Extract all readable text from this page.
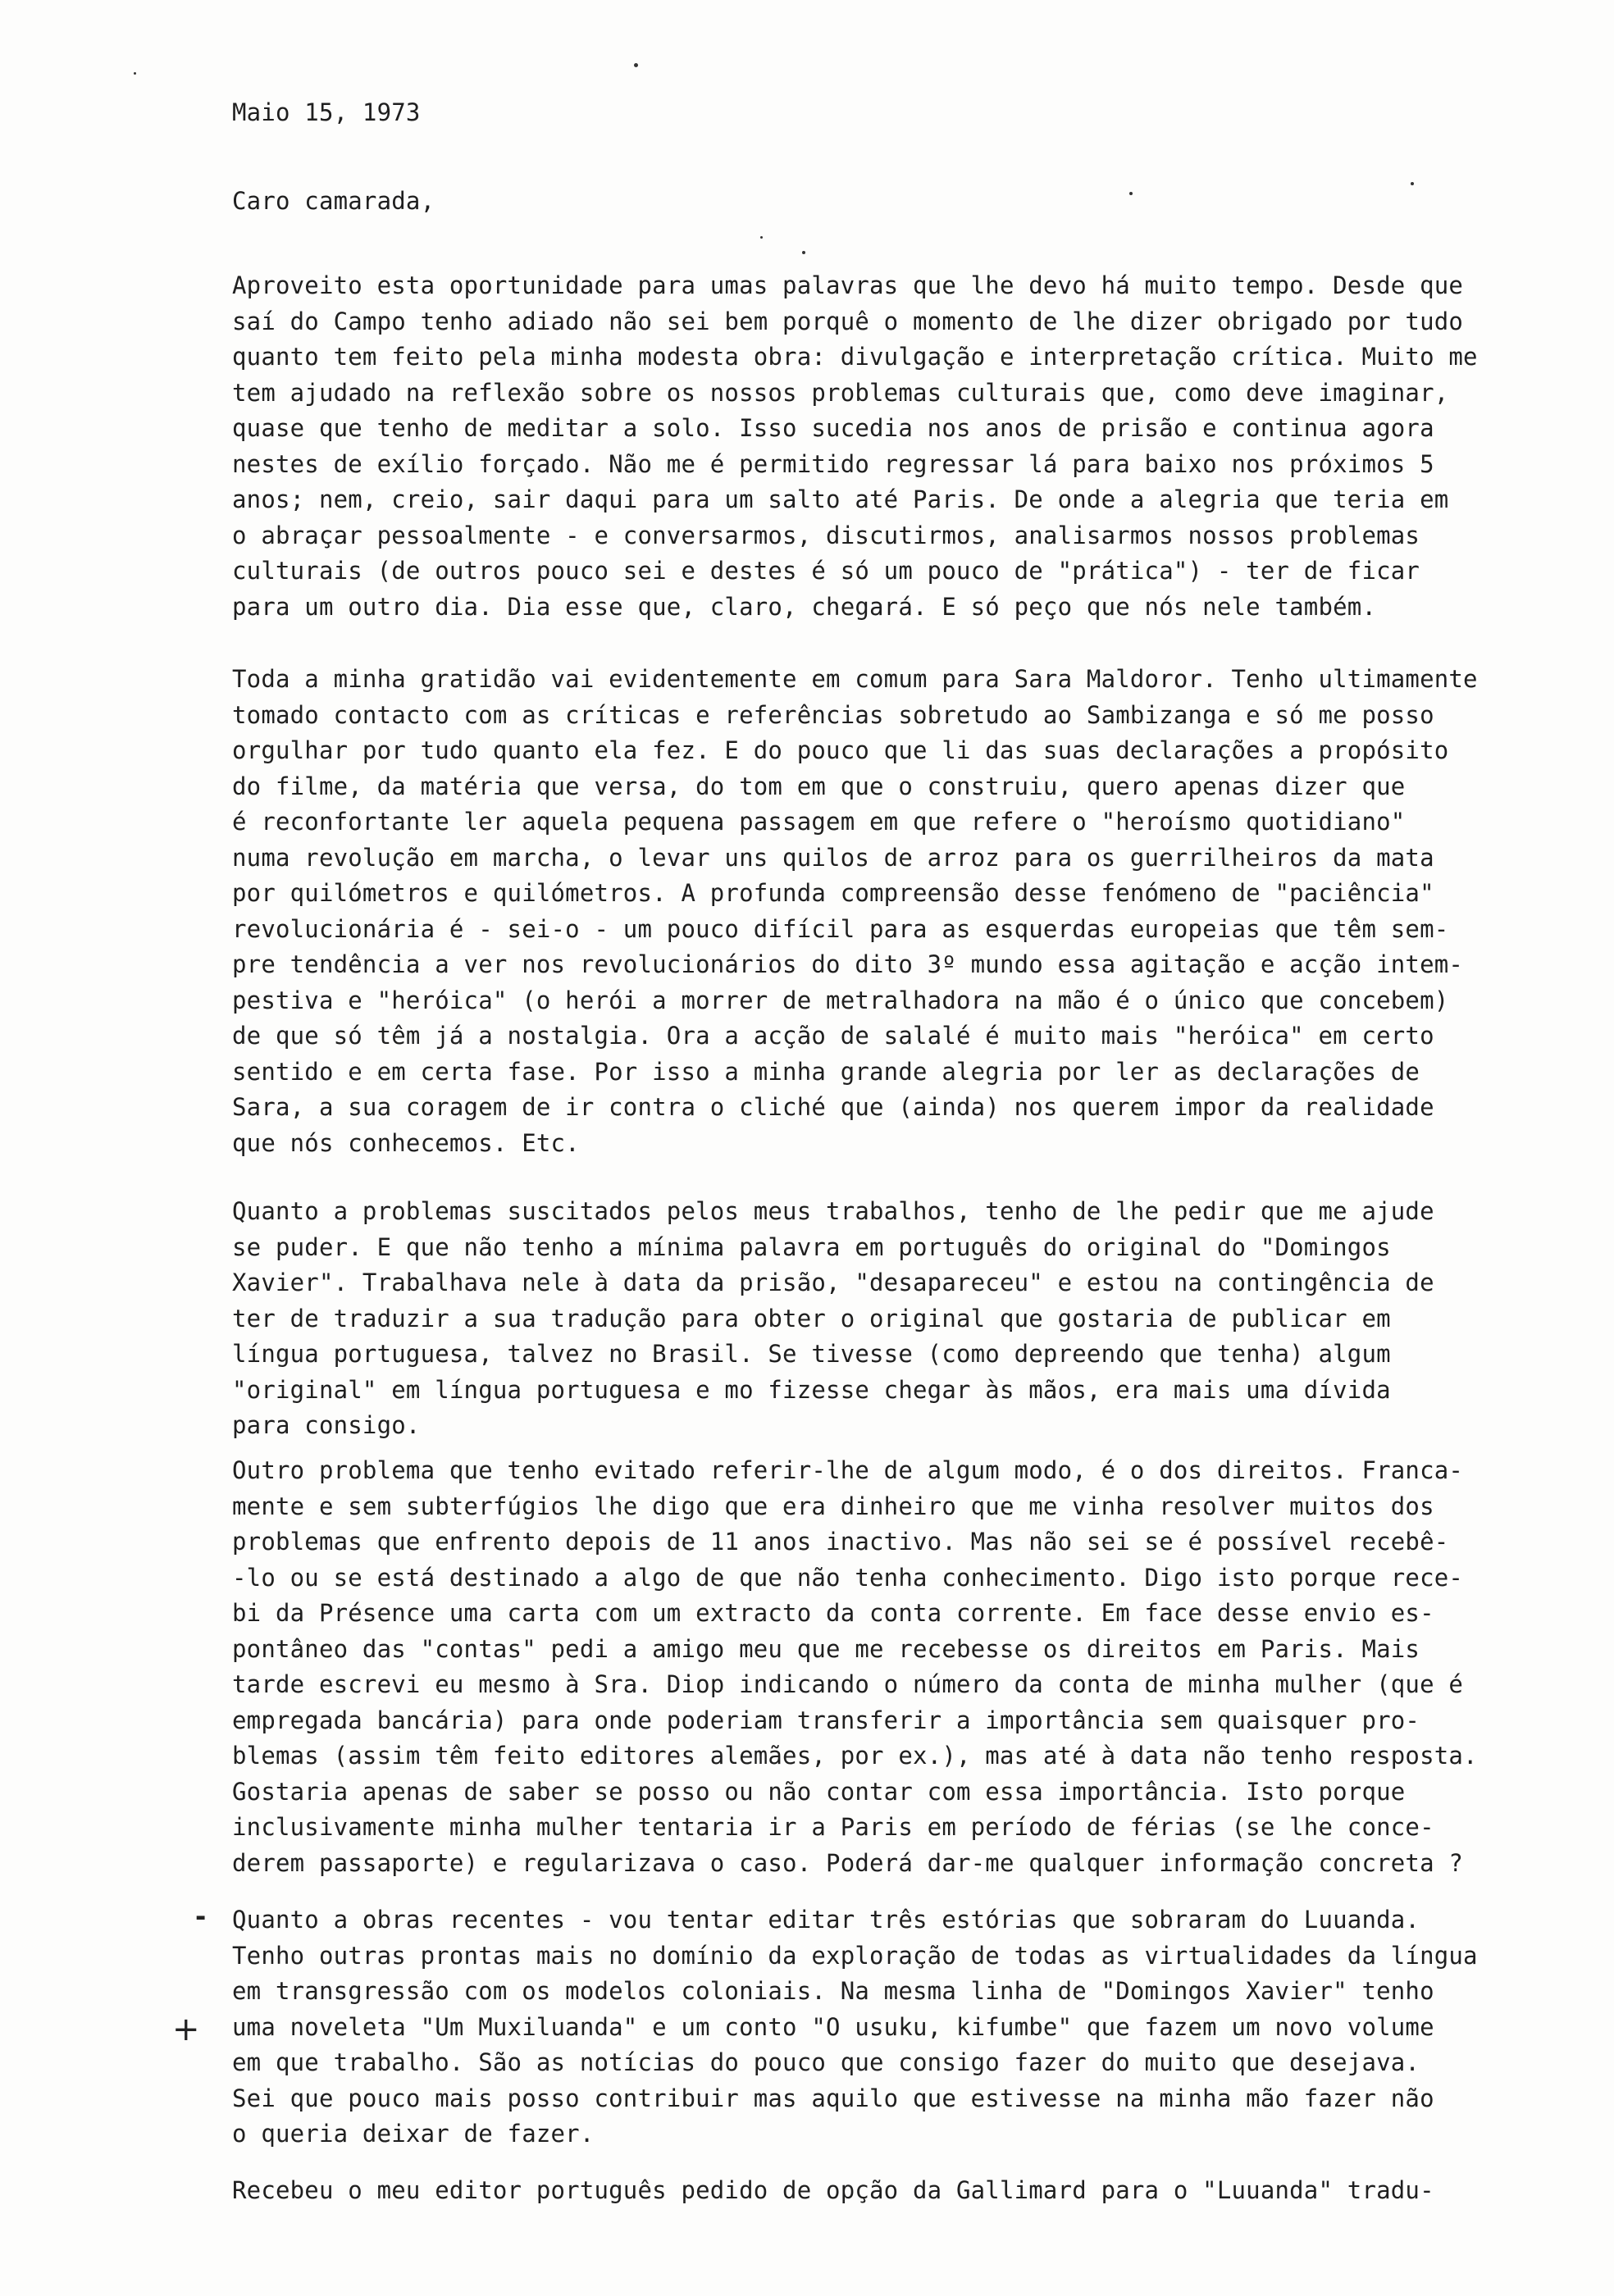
Maio 15, 1973
Caro camarada,
Aproveito esta oportunidade para umas palavras que lhe devo há muito tempo. Desde que
saí do Campo tenho adiado não sei bem porquê o momento de lhe dizer obrigado por tudo
quanto tem feito pela minha modesta obra: divulgação e interpretação crítica. Muito me
tem ajudado na reflexão sobre os nossos problemas culturais que, como deve imaginar,
quase que tenho de meditar a solo. Isso sucedia nos anos de prisão e continua agora
nestes de exílio forçado. Não me é permitido regressar lá para baixo nos próximos 5
anos; nem, creio, sair daqui para um salto até Paris. De onde a alegria que teria em
o abraçar pessoalmente - e conversarmos, discutirmos, analisarmos nossos problemas
culturais (de outros pouco sei e destes é só um pouco de "prática") - ter de ficar
para um outro dia. Dia esse que, claro, chegará. E só peço que nós nele também.
Toda a minha gratidão vai evidentemente em comum para Sara Maldoror. Tenho ultimamente
tomado contacto com as críticas e referências sobretudo ao Sambizanga e só me posso
orgulhar por tudo quanto ela fez. E do pouco que li das suas declarações a propósito
do filme, da matéria que versa, do tom em que o construiu, quero apenas dizer que
é reconfortante ler aquela pequena passagem em que refere o "heroísmo quotidiano"
numa revolução em marcha, o levar uns quilos de arroz para os guerrilheiros da mata
por quilómetros e quilómetros. A profunda compreensão desse fenómeno de "paciência"
revolucionária é - sei-o - um pouco difícil para as esquerdas europeias que têm sem-
pre tendência a ver nos revolucionários do dito 3º mundo essa agitação e acção intem-
pestiva e "heróica" (o herói a morrer de metralhadora na mão é o único que concebem)
de que só têm já a nostalgia. Ora a acção de salalé é muito mais "heróica" em certo
sentido e em certa fase. Por isso a minha grande alegria por ler as declarações de
Sara, a sua coragem de ir contra o cliché que (ainda) nos querem impor da realidade
que nós conhecemos. Etc.
Quanto a problemas suscitados pelos meus trabalhos, tenho de lhe pedir que me ajude
se puder. E que não tenho a mínima palavra em português do original do "Domingos
Xavier". Trabalhava nele à data da prisão, "desapareceu" e estou na contingência de
ter de traduzir a sua tradução para obter o original que gostaria de publicar em
língua portuguesa, talvez no Brasil. Se tivesse (como depreendo que tenha) algum
"original" em língua portuguesa e mo fizesse chegar às mãos, era mais uma dívida
para consigo.
Outro problema que tenho evitado referir-lhe de algum modo, é o dos direitos. Franca-
mente e sem subterfúgios lhe digo que era dinheiro que me vinha resolver muitos dos
problemas que enfrento depois de 11 anos inactivo. Mas não sei se é possível recebê-
-lo ou se está destinado a algo de que não tenha conhecimento. Digo isto porque rece-
bi da Présence uma carta com um extracto da conta corrente. Em face desse envio es-
pontâneo das "contas" pedi a amigo meu que me recebesse os direitos em Paris. Mais
tarde escrevi eu mesmo à Sra. Diop indicando o número da conta de minha mulher (que é
empregada bancária) para onde poderiam transferir a importância sem quaisquer pro-
blemas (assim têm feito editores alemães, por ex.), mas até à data não tenho resposta.
Gostaria apenas de saber se posso ou não contar com essa importância. Isto porque
inclusivamente minha mulher tentaria ir a Paris em período de férias (se lhe conce-
derem passaporte) e regularizava o caso. Poderá dar-me qualquer informação concreta ?
-
+
Quanto a obras recentes - vou tentar editar três estórias que sobraram do Luuanda.
Tenho outras prontas mais no domínio da exploração de todas as virtualidades da língua
em transgressão com os modelos coloniais. Na mesma linha de "Domingos Xavier" tenho
uma noveleta "Um Muxiluanda" e um conto "O usuku, kifumbe" que fazem um novo volume
em que trabalho. São as notícias do pouco que consigo fazer do muito que desejava.
Sei que pouco mais posso contribuir mas aquilo que estivesse na minha mão fazer não
o queria deixar de fazer.
Recebeu o meu editor português pedido de opção da Gallimard para o "Luuanda" tradu-
